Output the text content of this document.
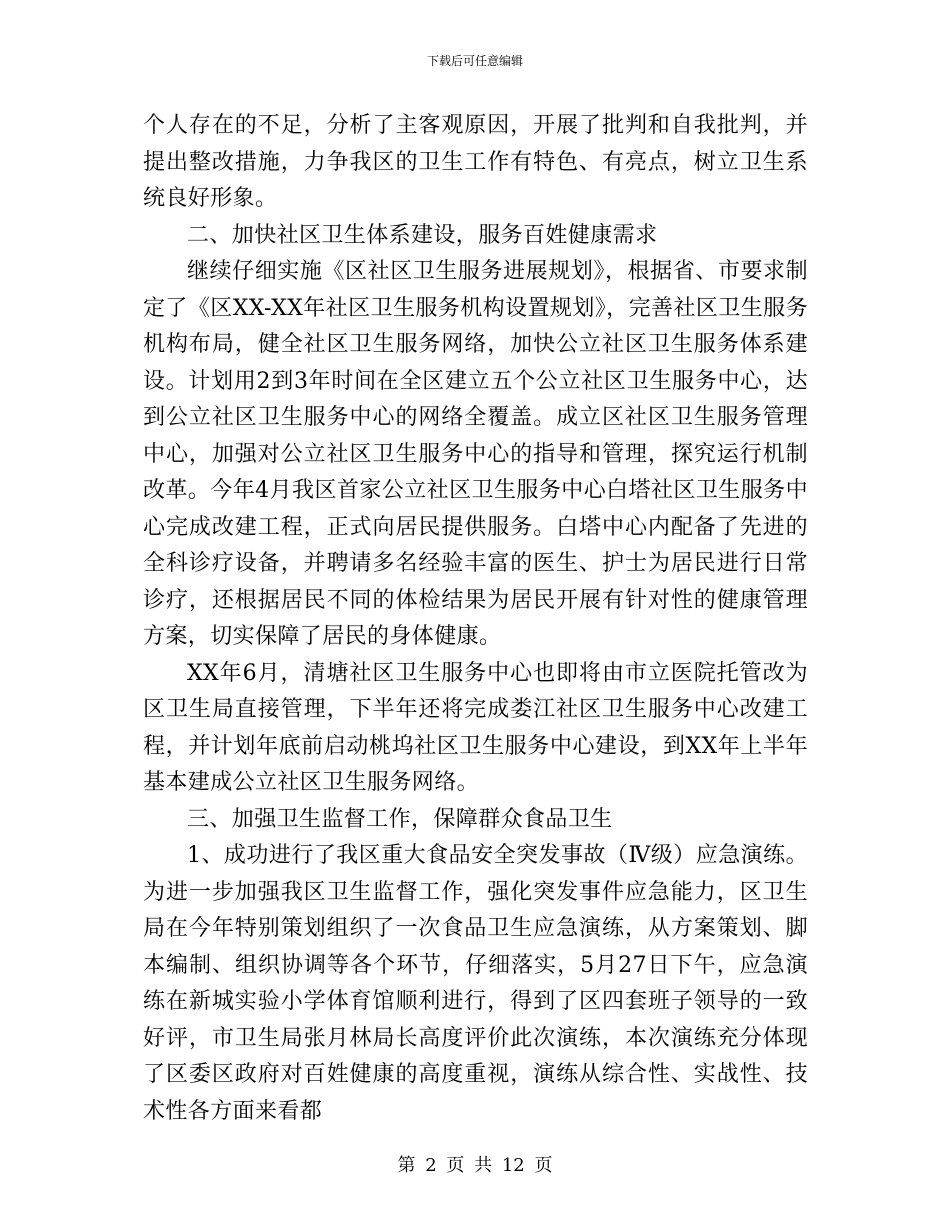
下载后可任意编辑

个人存在的不足，分析了主客观原因，开展了批判和自我批判，并提出整改措施，力争我区的卫生工作有特色、有亮点，树立卫生系统良好形象。

二、加快社区卫生体系建设，服务百姓健康需求

继续仔细实施《区社区卫生服务进展规划》，根据省、市要求制定了《区XX-XX年社区卫生服务机构设置规划》，完善社区卫生服务机构布局，健全社区卫生服务网络，加快公立社区卫生服务体系建设。计划用2到3年时间在全区建立五个公立社区卫生服务中心，达到公立社区卫生服务中心的网络全覆盖。成立区社区卫生服务管理中心，加强对公立社区卫生服务中心的指导和管理，探究运行机制改革。今年4月我区首家公立社区卫生服务中心白塔社区卫生服务中心完成改建工程，正式向居民提供服务。白塔中心内配备了先进的全科诊疗设备，并聘请多名经验丰富的医生、护士为居民进行日常诊疗，还根据居民不同的体检结果为居民开展有针对性的健康管理方案，切实保障了居民的身体健康。

XX年6月，清塘社区卫生服务中心也即将由市立医院托管改为区卫生局直接管理，下半年还将完成娄江社区卫生服务中心改建工程，并计划年底前启动桃坞社区卫生服务中心建设，到XX年上半年基本建成公立社区卫生服务网络。

三、加强卫生监督工作，保障群众食品卫生

1、成功进行了我区重大食品安全突发事故（Ⅳ级）应急演练。为进一步加强我区卫生监督工作，强化突发事件应急能力，区卫生局在今年特别策划组织了一次食品卫生应急演练，从方案策划、脚本编制、组织协调等各个环节，仔细落实，5月27日下午，应急演练在新城实验小学体育馆顺利进行，得到了区四套班子领导的一致好评，市卫生局张月林局长高度评价此次演练，本次演练充分体现了区委区政府对百姓健康的高度重视，演练从综合性、实战性、技术性各方面来看都

第 2 页 共 12 页
